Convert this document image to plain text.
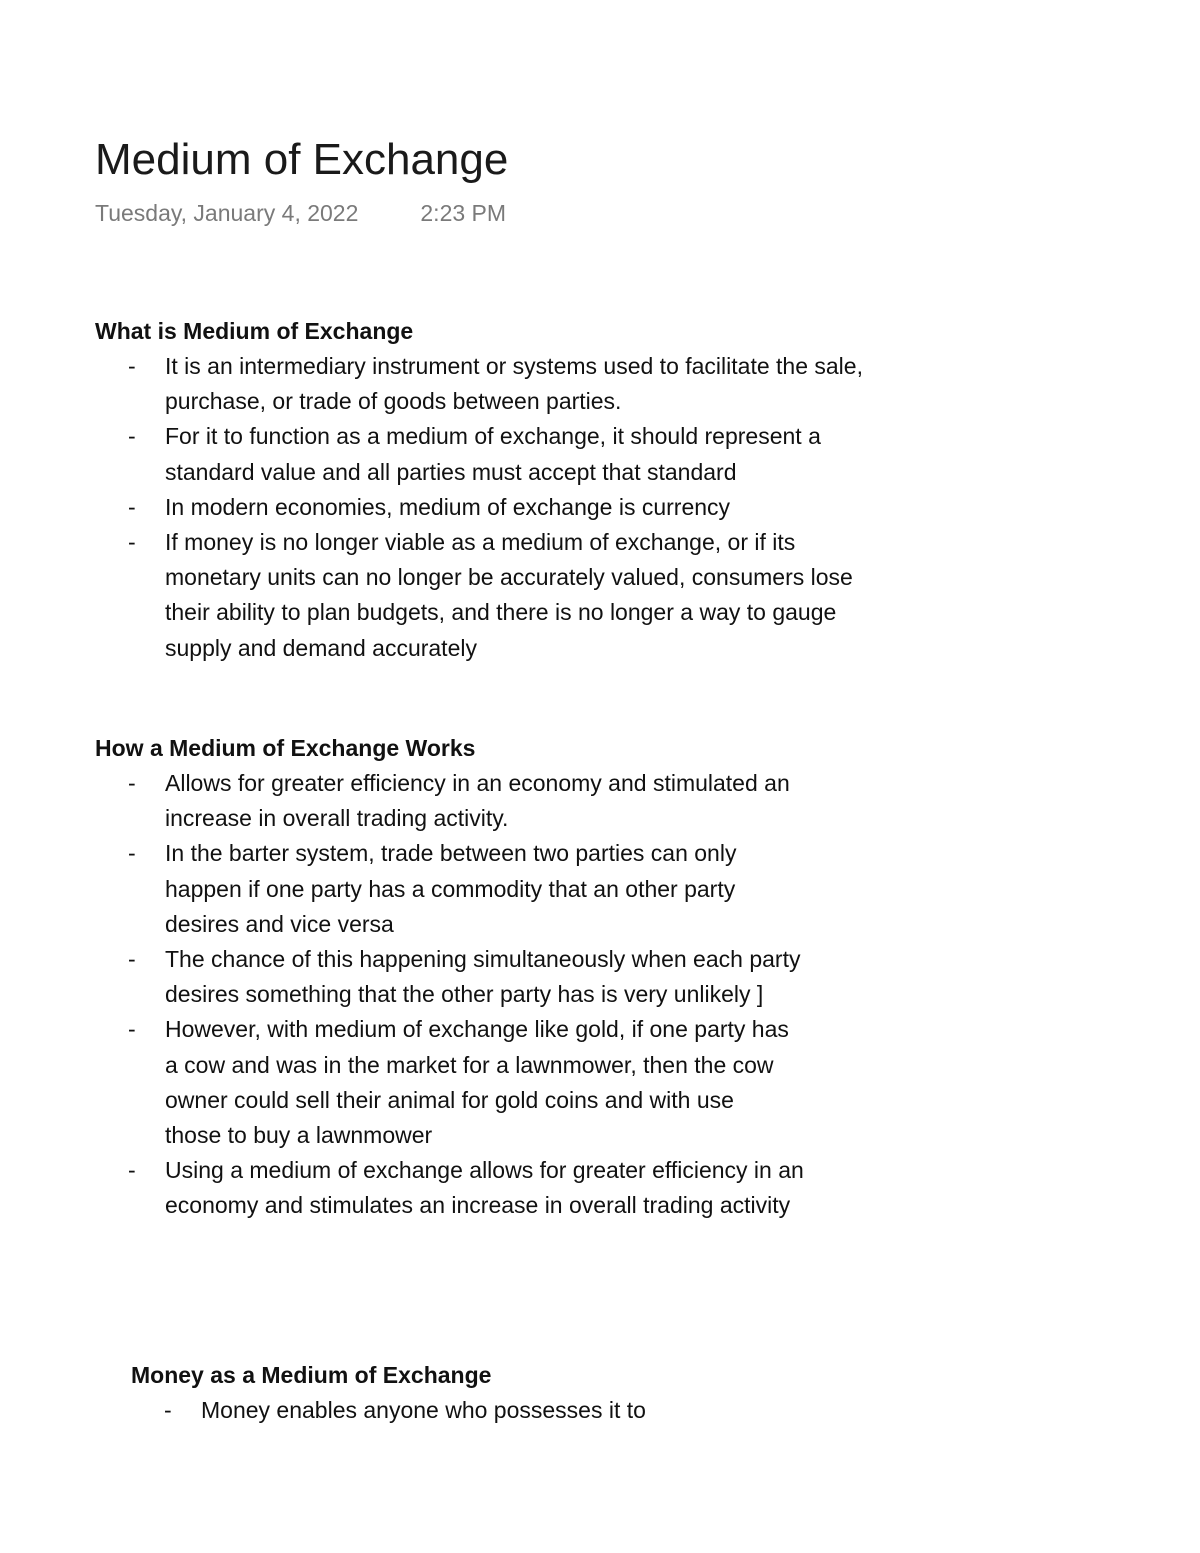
Medium of Exchange
Tuesday, January 4, 2022	2:23 PM
What is Medium of Exchange
- It is an intermediary instrument or systems used to facilitate the sale, purchase, or trade of goods between parties.
- For it to function as a medium of exchange, it should represent a standard value and all parties must accept that standard
- In modern economies, medium of exchange is currency
- If money is no longer viable as a medium of exchange, or if its monetary units can no longer be accurately valued, consumers lose their ability to plan budgets, and there is no longer a way to gauge supply and demand accurately
How a Medium of Exchange Works
- Allows for greater efficiency in an economy and stimulated an increase in overall trading activity.
- In the barter system, trade between two parties can only happen if one party has a commodity that an other party desires and vice versa
- The chance of this happening simultaneously when each party desires something that the other party has is very unlikely ]
- However, with medium of exchange like gold, if one party has a cow and was in the market for a lawnmower, then the cow owner could sell their animal for gold coins and with use those to buy a lawnmower
- Using a medium of exchange allows for greater efficiency in an economy and stimulates an increase in overall trading activity
Money as a Medium of Exchange
- Money enables anyone who possesses it to
